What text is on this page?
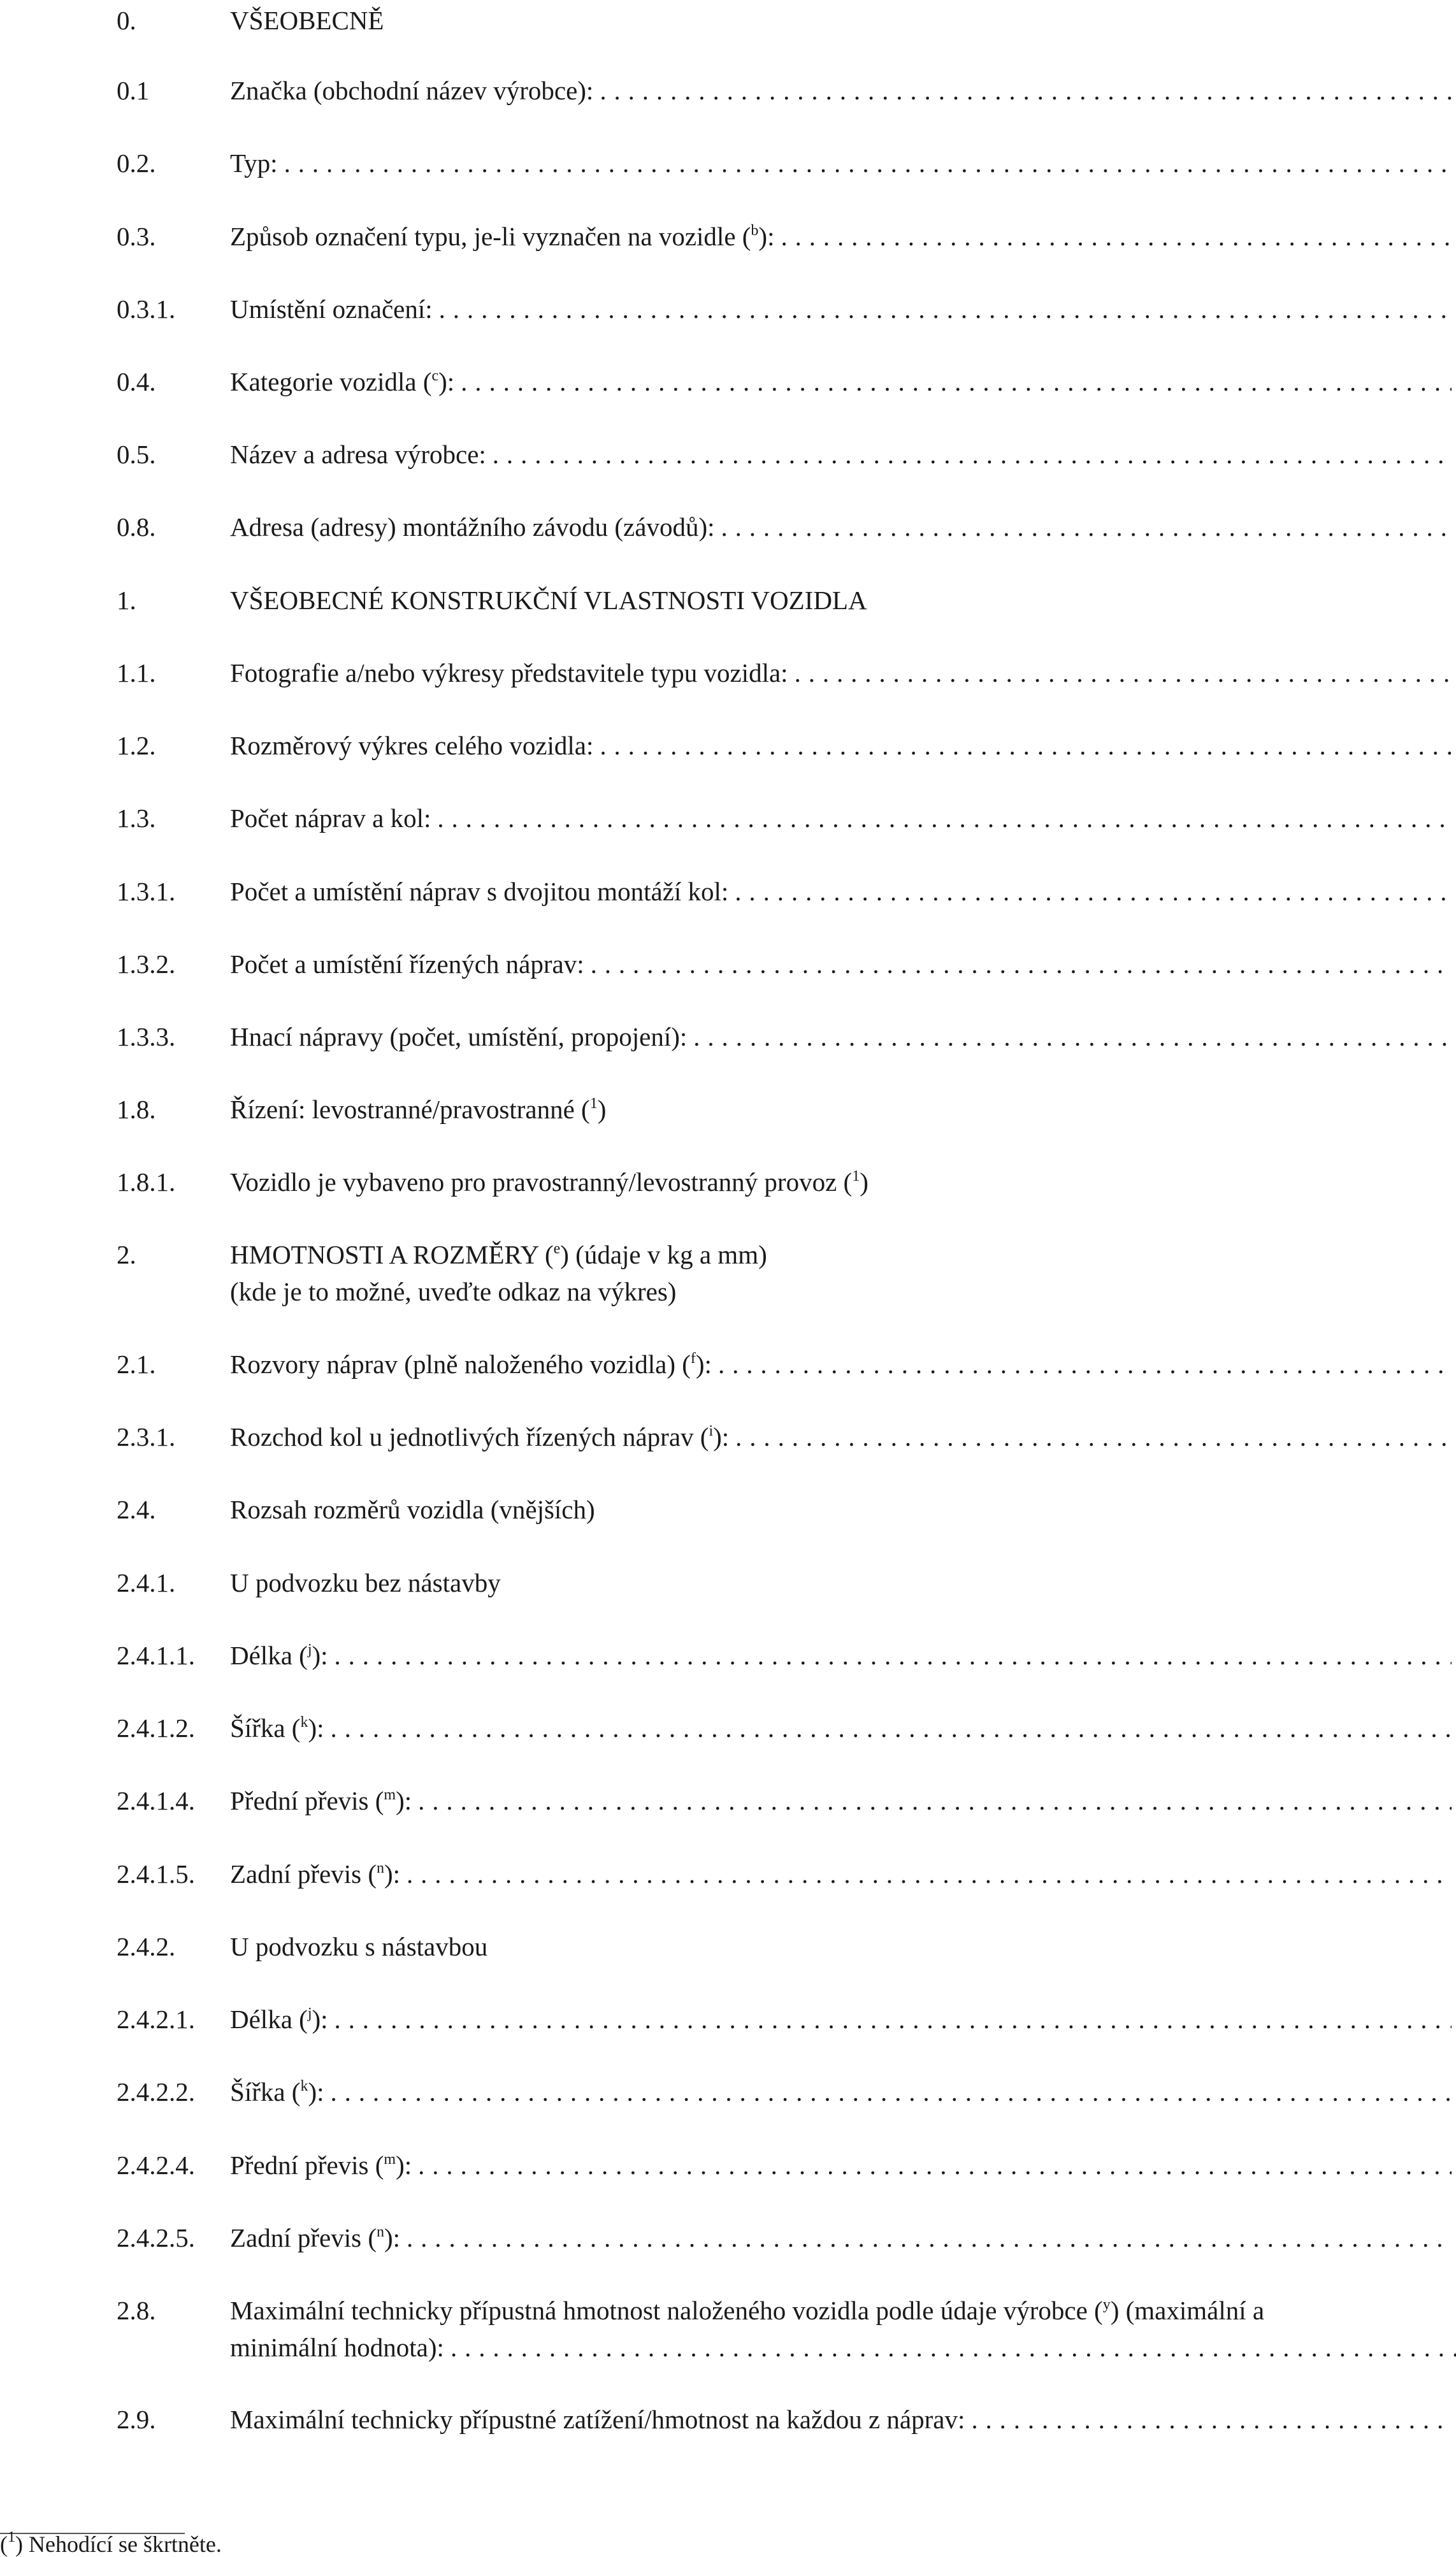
0.	VŠEOBECNĚ
0.1	Značka (obchodní název výrobce):
. . .
0.2.	Typ:
. . .
0.3.	Způsob označení typu, je-li vyznačen na vozidle ($^b$):
. . .
0.3.1.	Umístění označení:
. . .
0.4.	Kategorie vozidla ($^c$):
. . .
0.5.	Název a adresa výrobce:
. . .
0.8.	Adresa (adresy) montážního závodu (závodů):
. . .
1.	VŠEOBECNÉ KONSTRUKČNÍ VLASTNOSTI VOZIDLA
1.1.	Fotografie a/nebo výkresy představitele typu vozidla:
. . .
1.2.	Rozměrový výkres celého vozidla:
. . .
1.3.	Počet náprav a kol:
. . .
1.3.1.	Počet a umístění náprav s dvojitou montáží kol:
. . .
1.3.2.	Počet a umístění řízených náprav:
. . .
1.3.3.	Hnací nápravy (počet, umístění, propojení):
. . .
1.8.	Řízení: levostranné/pravostranné ($^1$)
1.8.1.	Vozidlo je vybaveno pro pravostranný/levostranný provoz ($^1$)
2.	HMOTNOSTI A ROZMĚRY ($^e$) (údaje v kg a mm)
(kde je to možné, uveďte odkaz na výkres)
2.1.	Rozvory náprav (plně naloženého vozidla) ($^f$):
. . .
2.3.1.	Rozchod kol u jednotlivých řízených náprav ($^i$):
. . .
2.4.	Rozsah rozměrů vozidla (vnějších)
2.4.1.	U podvozku bez nástavby
2.4.1.1.	Délka ($^j$):
. . .
2.4.1.2.	Šířka ($^k$):
. . .
2.4.1.4.	Přední převis ($^m$):
. . .
2.4.1.5.	Zadní převis ($^n$):
. . .
2.4.2.	U podvozku s nástavbou
2.4.2.1.	Délka ($^j$):
. . .
2.4.2.2.	Šířka ($^k$):
. . .
2.4.2.4.	Přední převis ($^m$):
. . .
2.4.2.5.	Zadní převis ($^n$):
. . .
2.8.	Maximální technicky přípustná hmotnost naloženého vozidla podle údaje výrobce ($^y$) (maximální a
minimální hodnota):
. . .
2.9.	Maximální technicky přípustné zatížení/hmotnost na každou z náprav:
. . .
($^1$) Nehodící se škrtněte.
